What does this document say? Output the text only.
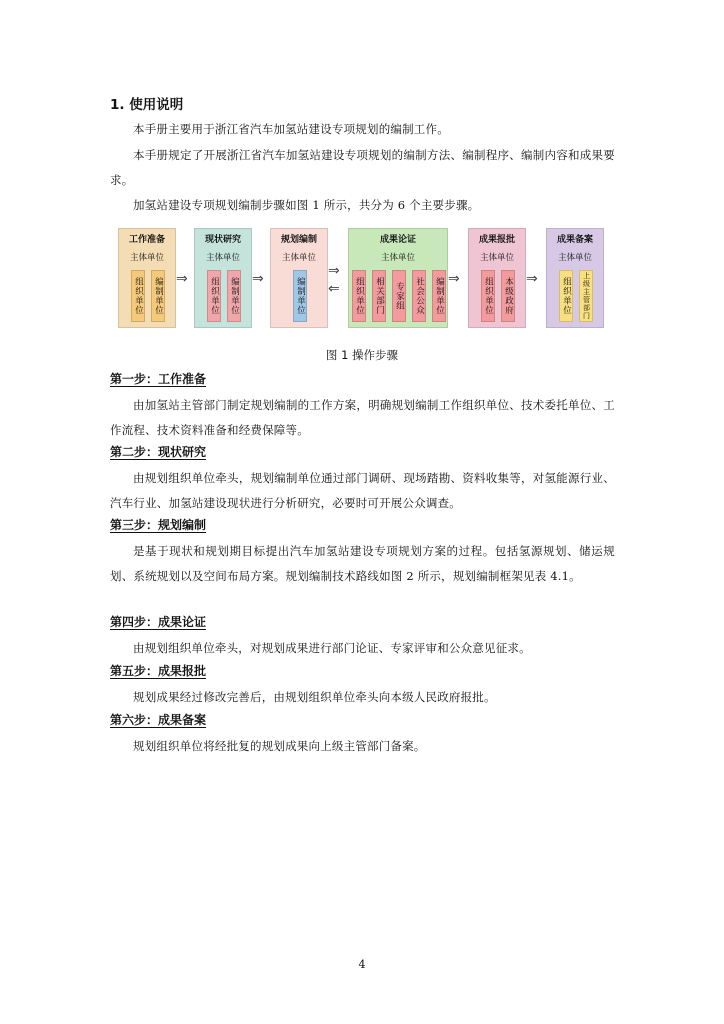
1. 使用说明

本手册主要用于浙江省汽车加氢站建设专项规划的编制工作。

本手册规定了开展浙江省汽车加氢站建设专项规划的编制方法、编制程序、编制内容和成果要求。

加氢站建设专项规划编制步骤如图 1 所示，共分为 6 个主要步骤。

工作准备
主体单位
组织单位 编制单位
现状研究
主体单位
组织单位 编制单位
规划编制
主体单位
编制单位
成果论证
主体单位
组织单位 相关部门 专家组 社会公众 编制单位
成果报批
主体单位
组织单位 本级政府
成果备案
主体单位
组织单位	上级主管部门
⇒	⇒	⇒
⇐
⇒	⇒
图 1 操作步骤
第一步：工作准备

由加氢站主管部门制定规划编制的工作方案，明确规划编制工作组织单位、技术委托单位、工作流程、技术资料准备和经费保障等。

第二步：现状研究

由规划组织单位牵头，规划编制单位通过部门调研、现场踏勘、资料收集等，对氢能源行业、汽车行业、加氢站建设现状进行分析研究，必要时可开展公众调查。

第三步：规划编制

是基于现状和规划期目标提出汽车加氢站建设专项规划方案的过程。包括氢源规划、储运规划、系统规划以及空间布局方案。规划编制技术路线如图 2 所示，规划编制框架见表 4.1。

第四步：成果论证

由规划组织单位牵头，对规划成果进行部门论证、专家评审和公众意见征求。

第五步：成果报批

规划成果经过修改完善后，由规划组织单位牵头向本级人民政府报批。

第六步：成果备案

规划组织单位将经批复的规划成果向上级主管部门备案。

4
